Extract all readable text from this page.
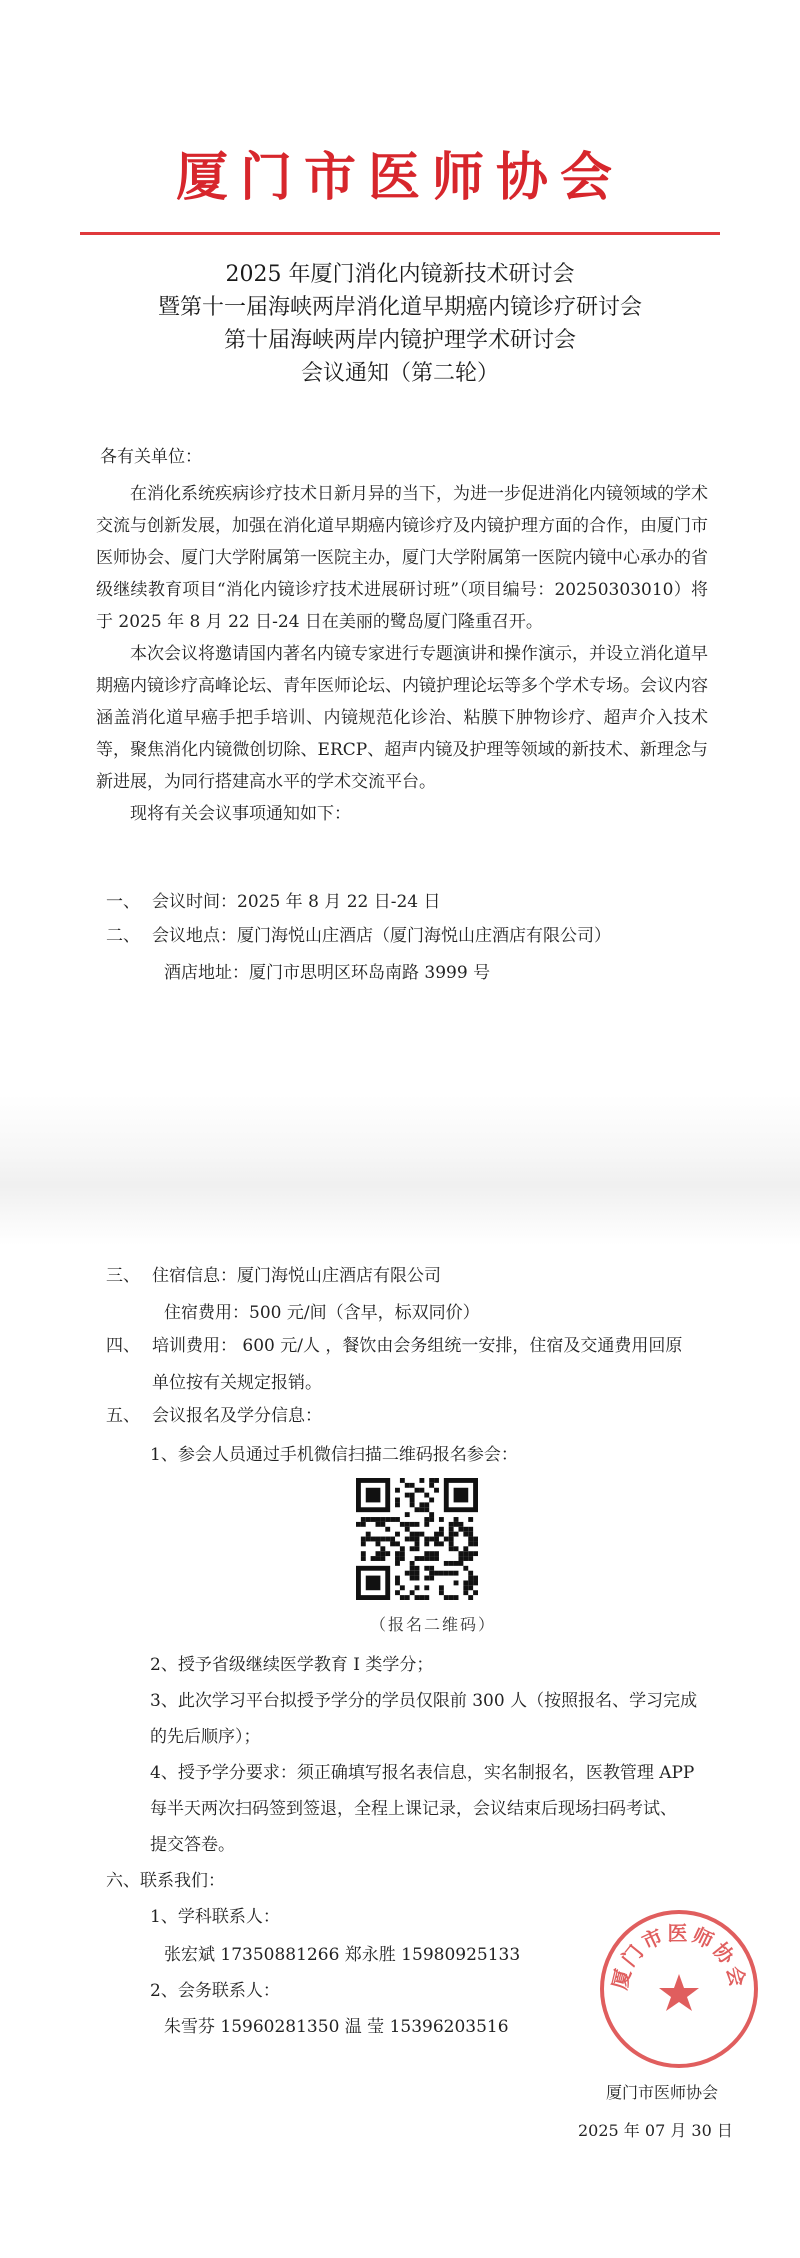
厦门市医师协会
2025 年厦门消化内镜新技术研讨会
暨第十一届海峡两岸消化道早期癌内镜诊疗研讨会
第十届海峡两岸内镜护理学术研讨会
会议通知（第二轮）
各有关单位：

在消化系统疾病诊疗技术日新月异的当下，为进一步促进消化内镜领域的学术交流与创新发展，加强在消化道早期癌内镜诊疗及内镜护理方面的合作，由厦门市医师协会、厦门大学附属第一医院主办，厦门大学附属第一医院内镜中心承办的省级继续教育项目“消化内镜诊疗技术进展研讨班”（项目编号：20250303010）将于 2025 年 8 月 22 日-24 日在美丽的鹭岛厦门隆重召开。

本次会议将邀请国内著名内镜专家进行专题演讲和操作演示，并设立消化道早期癌内镜诊疗高峰论坛、青年医师论坛、内镜护理论坛等多个学术专场。会议内容涵盖消化道早癌手把手培训、内镜规范化诊治、粘膜下肿物诊疗、超声介入技术等，聚焦消化内镜微创切除、ERCP、超声内镜及护理等领域的新技术、新理念与新进展，为同行搭建高水平的学术交流平台。

现将有关会议事项通知如下：

一、 会议时间：2025 年 8 月 22 日-24 日
二、 会议地点：厦门海悦山庄酒店（厦门海悦山庄酒店有限公司）
酒店地址：厦门市思明区环岛南路 3999 号
三、 住宿信息：厦门海悦山庄酒店有限公司
住宿费用：500 元/间（含早，标双同价）
四、 培训费用： 600 元/人 ，餐饮由会务组统一安排，住宿及交通费用回原
单位按有关规定报销。
五、 会议报名及学分信息：
1、参会人员通过手机微信扫描二维码报名参会：
（报名二维码）
2、授予省级继续医学教育 I 类学分；
3、此次学习平台拟授予学分的学员仅限前 300 人（按照报名、学习完成
的先后顺序）；
4、授予学分要求：须正确填写报名表信息，实名制报名，医教管理 APP
每半天两次扫码签到签退，全程上课记录，会议结束后现场扫码考试、
提交答卷。
六、联系我们：
1、学科联系人：
张宏斌 17350881266 郑永胜 15980925133
2、会务联系人：
朱雪芬 15960281350 温 莹 15396203516
厦门市医师协会
厦门市医师协会
2025 年 07 月 30 日
